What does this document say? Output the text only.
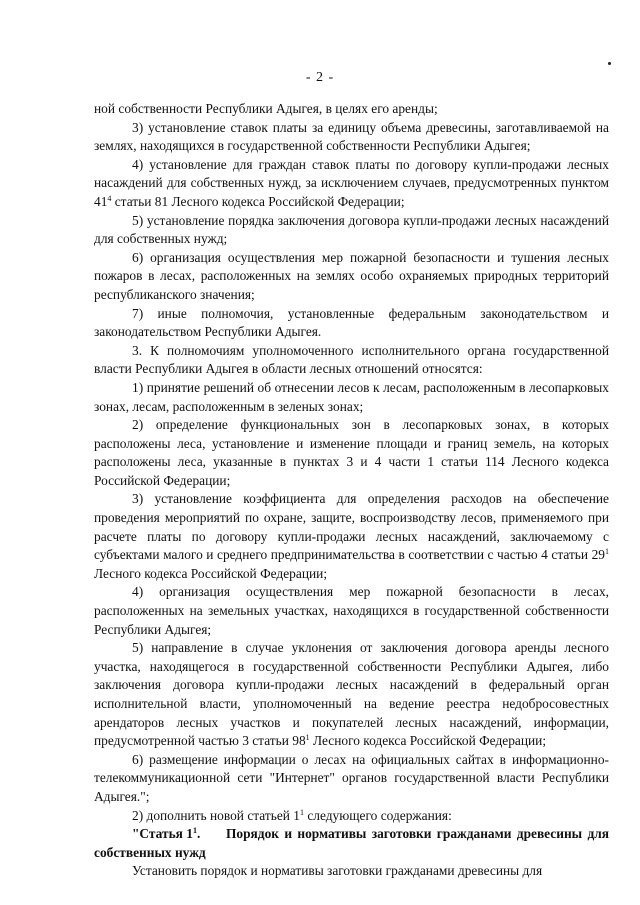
- 2 -

ной собственности Республики Адыгея, в целях его аренды;

3) установление ставок платы за единицу объема древесины, заготавливаемой на землях, находящихся в государственной собственности Республики Адыгея;

4) установление для граждан ставок платы по договору купли-продажи лесных насаждений для собственных нужд, за исключением случаев, предусмотренных пунктом $41^4$ статьи 81 Лесного кодекса Российской Федерации;

5) установление порядка заключения договора купли-продажи лесных насаждений для собственных нужд;

6) организация осуществления мер пожарной безопасности и тушения лесных пожаров в лесах, расположенных на землях особо охраняемых природных территорий республиканского значения;

7) иные полномочия, установленные федеральным законодательством и законодательством Республики Адыгея.

3. К полномочиям уполномоченного исполнительного органа государственной власти Республики Адыгея в области лесных отношений относятся:

1) принятие решений об отнесении лесов к лесам, расположенным в лесопарковых зонах, лесам, расположенным в зеленых зонах;

2) определение функциональных зон в лесопарковых зонах, в которых расположены леса, установление и изменение площади и границ земель, на которых расположены леса, указанные в пунктах 3 и 4 части 1 статьи 114 Лесного кодекса Российской Федерации;

3) установление коэффициента для определения расходов на обеспечение проведения мероприятий по охране, защите, воспроизводству лесов, применяемого при расчете платы по договору купли-продажи лесных насаждений, заключаемому с субъектами малого и среднего предпринимательства в соответствии с частью 4 статьи $29^1$ Лесного кодекса Российской Федерации;

4) организация осуществления мер пожарной безопасности в лесах, расположенных на земельных участках, находящихся в государственной собственности Республики Адыгея;

5) направление в случае уклонения от заключения договора аренды лесного участка, находящегося в государственной собственности Республики Адыгея, либо заключения договора купли-продажи лесных насаждений в федеральный орган исполнительной власти, уполномоченный на ведение реестра недобросовестных арендаторов лесных участков и покупателей лесных насаждений, информации, предусмотренной частью 3 статьи $98^1$ Лесного кодекса Российской Федерации;

6) размещение информации о лесах на официальных сайтах в информационно-телекоммуникационной сети "Интернет" органов государственной власти Республики Адыгея.";

2) дополнить новой статьей $1^1$ следующего содержания:

"Статья $1^1$. Порядок и нормативы заготовки гражданами древесины для собственных нужд

Установить порядок и нормативы заготовки гражданами древесины для
